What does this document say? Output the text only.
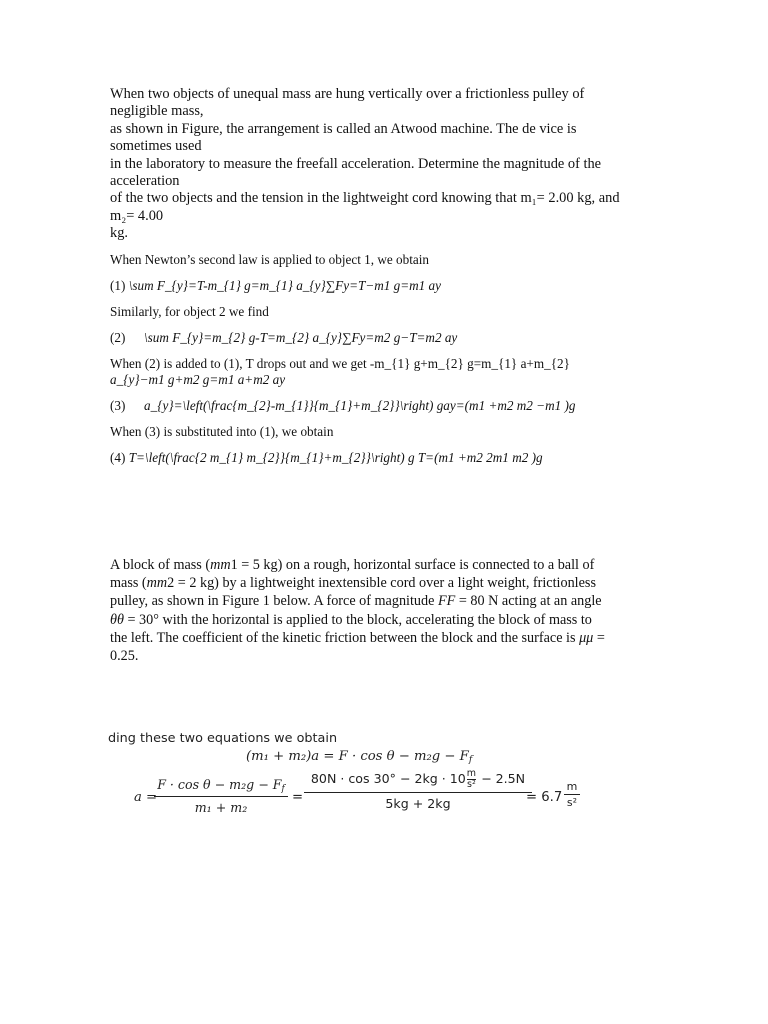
When two objects of unequal mass are hung vertically over a frictionless pulley of
negligible mass,
as shown in Figure, the arrangement is called an Atwood machine. The de vice is
sometimes used
in the laboratory to measure the freefall acceleration. Determine the magnitude of the
acceleration
of the two objects and the tension in the lightweight cord knowing that m₁= 2.00 kg, and
m₂= 4.00
kg.
When Newton’s second law is applied to object 1, we obtain
(1) \sum F_{y}=T-m_{1} g=m_{1} a_{y}∑Fy=T−m1 g=m1 ay
Similarly, for object 2 we find
(2) \sum F_{y}=m_{2} g-T=m_{2} a_{y}∑Fy=m2 g−T=m2 ay
When (2) is added to (1), T drops out and we get -m_{1} g+m_{2} g=m_{1} a+m_{2}
a_{y}−m1 g+m2 g=m1 a+m2 ay
(3) a_{y}=\left(\frac{m_{2}-m_{1}}{m_{1}+m_{2}}\right) gay=(m1 +m2 m2 −m1 )g
When (3) is substituted into (1), we obtain
(4) T=\left(\frac{2 m_{1} m_{2}}{m_{1}+m_{2}}\right) g T=(m1 +m2 2m1 m2 )g
A block of mass (mm1 = 5 kg) on a rough, horizontal surface is connected to a ball of
mass (mm2 = 2 kg) by a lightweight inextensible cord over a light weight, frictionless
pulley, as shown in Figure 1 below. A force of magnitude FF = 80 N acting at an angle
θθ = 30° with the horizontal is applied to the block, accelerating the block of mass to
the left. The coefficient of the kinetic friction between the block and the surface is μμ =
0.25.
ding these two equations we obtain
$(m_1 + m_2)a = F \cdot \cos \theta - m_2g - F_f$
a =
$F \cdot \cos \theta - m_2g - F_f$
m₁ + m₂
=
$80N \cdot \cos 30^\circ - 2kg \cdot 10\frac{m}{\text{s²}} - 2.5N$
5kg + 2kg	= 6.7
m
s²
